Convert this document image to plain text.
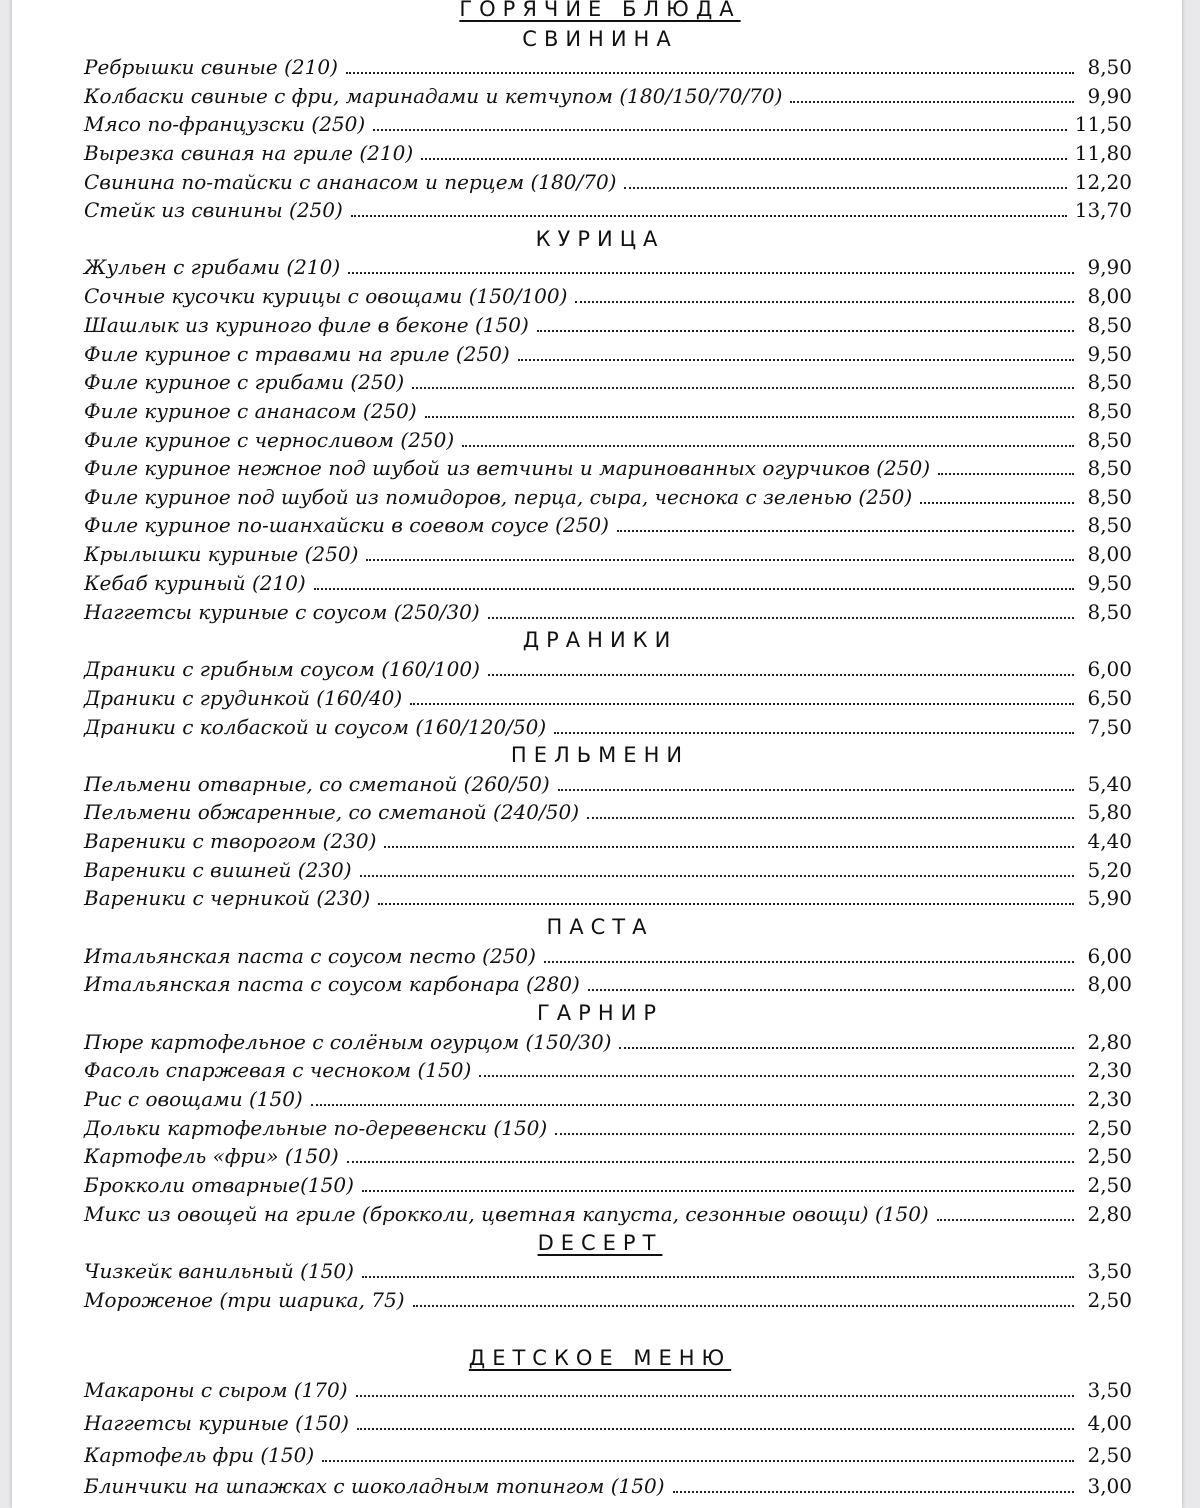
ГОРЯЧИЕ БЛЮДА
СВИНИНА
Ребрышки свиные (210)	8,50
Колбаски свиные с фри, маринадами и кетчупом (180/150/70/70)	9,90
Мясо по-французски (250)	11,50
Вырезка свиная на гриле (210)	11,80
Свинина по-тайски с ананасом и перцем (180/70)	12,20
Стейк из свинины (250)	13,70
КУРИЦА
Жульен с грибами (210)	9,90
Сочные кусочки курицы с овощами (150/100)	8,00
Шашлык из куриного филе в беконе (150)	8,50
Филе куриное с травами на гриле (250)	9,50
Филе куриное с грибами (250)	8,50
Филе куриное с ананасом (250)	8,50
Филе куриное с черносливом (250)	8,50
Филе куриное нежное под шубой из ветчины и маринованных огурчиков (250)	8,50
Филе куриное под шубой из помидоров, перца, сыра, чеснока с зеленью (250)	8,50
Филе куриное по-шанхайски в соевом соусе (250)	8,50
Крылышки куриные (250)	8,00
Кебаб куриный (210)	9,50
Наггетсы куриные с соусом (250/30)	8,50
ДРАНИКИ
Драники с грибным соусом (160/100)	6,00
Драники с грудинкой (160/40)	6,50
Драники с колбаской и соусом (160/120/50)	7,50
ПЕЛЬМЕНИ
Пельмени отварные, со сметаной (260/50)	5,40
Пельмени обжаренные, со сметаной (240/50)	5,80
Вареники с творогом (230)	4,40
Вареники с вишней (230)	5,20
Вареники с черникой (230)	5,90
ПАСТА
Итальянская паста с соусом песто (250)	6,00
Итальянская паста с соусом карбонара (280)	8,00
ГАРНИР
Пюре картофельное с солёным огурцом (150/30)	2,80
Фасоль спаржевая с чесноком (150)	2,30
Рис с овощами (150)	2,30
Дольки картофельные по-деревенски (150)	2,50
Картофель «фри» (150)	2,50
Брокколи отварные(150)	2,50
Микс из овощей на гриле (брокколи, цветная капуста, сезонные овощи) (150)	2,80
DECEPT
Чизкейк ванильный (150)	3,50
Мороженое (три шарика, 75)	2,50
ДЕТСКОЕ МЕНЮ
Макароны с сыром (170)	3,50
Наггетсы куриные (150)	4,00
Картофель фри (150)	2,50
Блинчики на шпажках с шоколадным топингом (150)	3,00
